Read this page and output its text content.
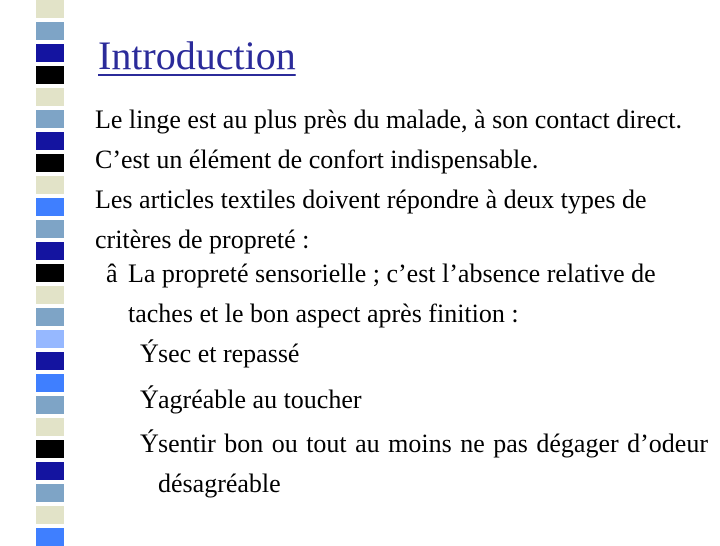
Introduction

Le linge est au plus près du malade, à son contact direct. C’est un élément de confort indispensable.

Les articles textiles doivent répondre à deux types de critères de propreté :

â La propreté sensorielle ; c’est l’absence relative de taches et le bon aspect après finition :

Ý sec et repassé

Ý agréable au toucher

Ý sentir bon ou tout au moins ne pas dégager d’odeur désagréable
